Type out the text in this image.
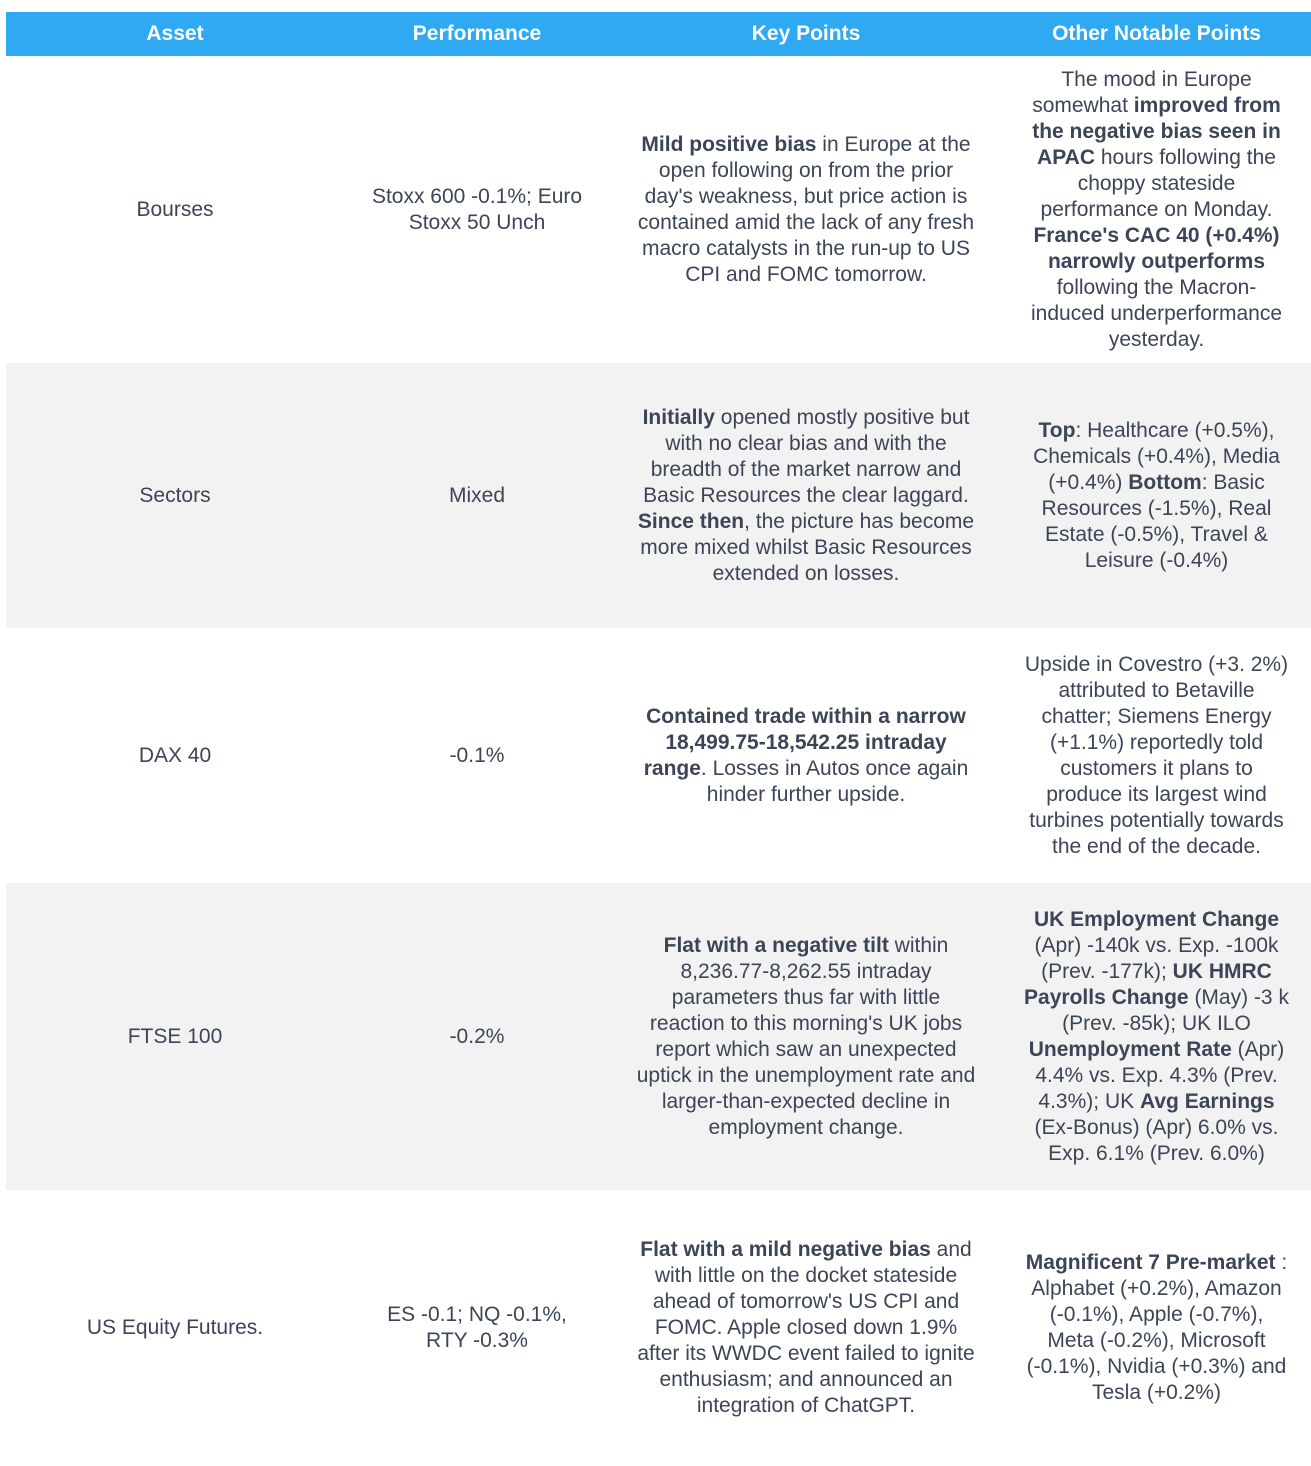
Asset	Performance	Key Points	Other Notable Points
Bourses	Stoxx 600 -0.1%; Euro Stoxx 50 Unch	Mild positive bias in Europe at the open following on from the prior day's weakness, but price action is contained amid the lack of any fresh macro catalysts in the run-up to US CPI and FOMC tomorrow.	The mood in Europe somewhat improved from the negative bias seen in APAC hours following the choppy stateside performance on Monday. France's CAC 40 (+0.4%) narrowly outperforms following the Macron-induced underperformance yesterday.
Sectors	Mixed	Initially opened mostly positive but with no clear bias and with the breadth of the market narrow and Basic Resources the clear laggard. Since then, the picture has become more mixed whilst Basic Resources extended on losses.	Top: Healthcare (+0.5%), Chemicals (+0.4%), Media (+0.4%) Bottom: Basic Resources (-1.5%), Real Estate (-0.5%), Travel & Leisure (-0.4%)
DAX 40	-0.1%	Contained trade within a narrow 18,499.75-18,542.25 intraday range. Losses in Autos once again hinder further upside.	Upside in Covestro (+3. 2%) attributed to Betaville chatter; Siemens Energy (+1.1%) reportedly told customers it plans to produce its largest wind turbines potentially towards the end of the decade.
FTSE 100	-0.2%	Flat with a negative tilt within 8,236.77-8,262.55 intraday parameters thus far with little reaction to this morning's UK jobs report which saw an unexpected uptick in the unemployment rate and larger-than-expected decline in employment change.	UK Employment Change (Apr) -140k vs. Exp. -100k (Prev. -177k); UK HMRC Payrolls Change (May) -3 k (Prev. -85k); UK ILO Unemployment Rate (Apr) 4.4% vs. Exp. 4.3% (Prev. 4.3%); UK Avg Earnings (Ex-Bonus) (Apr) 6.0% vs. Exp. 6.1% (Prev. 6.0%)
US Equity Futures.	ES -0.1; NQ -0.1%, RTY -0.3%	Flat with a mild negative bias and with little on the docket stateside ahead of tomorrow's US CPI and FOMC. Apple closed down 1.9% after its WWDC event failed to ignite enthusiasm; and announced an integration of ChatGPT.	Magnificent 7 Pre-market : Alphabet (+0.2%), Amazon (-0.1%), Apple (-0.7%), Meta (-0.2%), Microsoft (-0.1%), Nvidia (+0.3%) and Tesla (+0.2%)
